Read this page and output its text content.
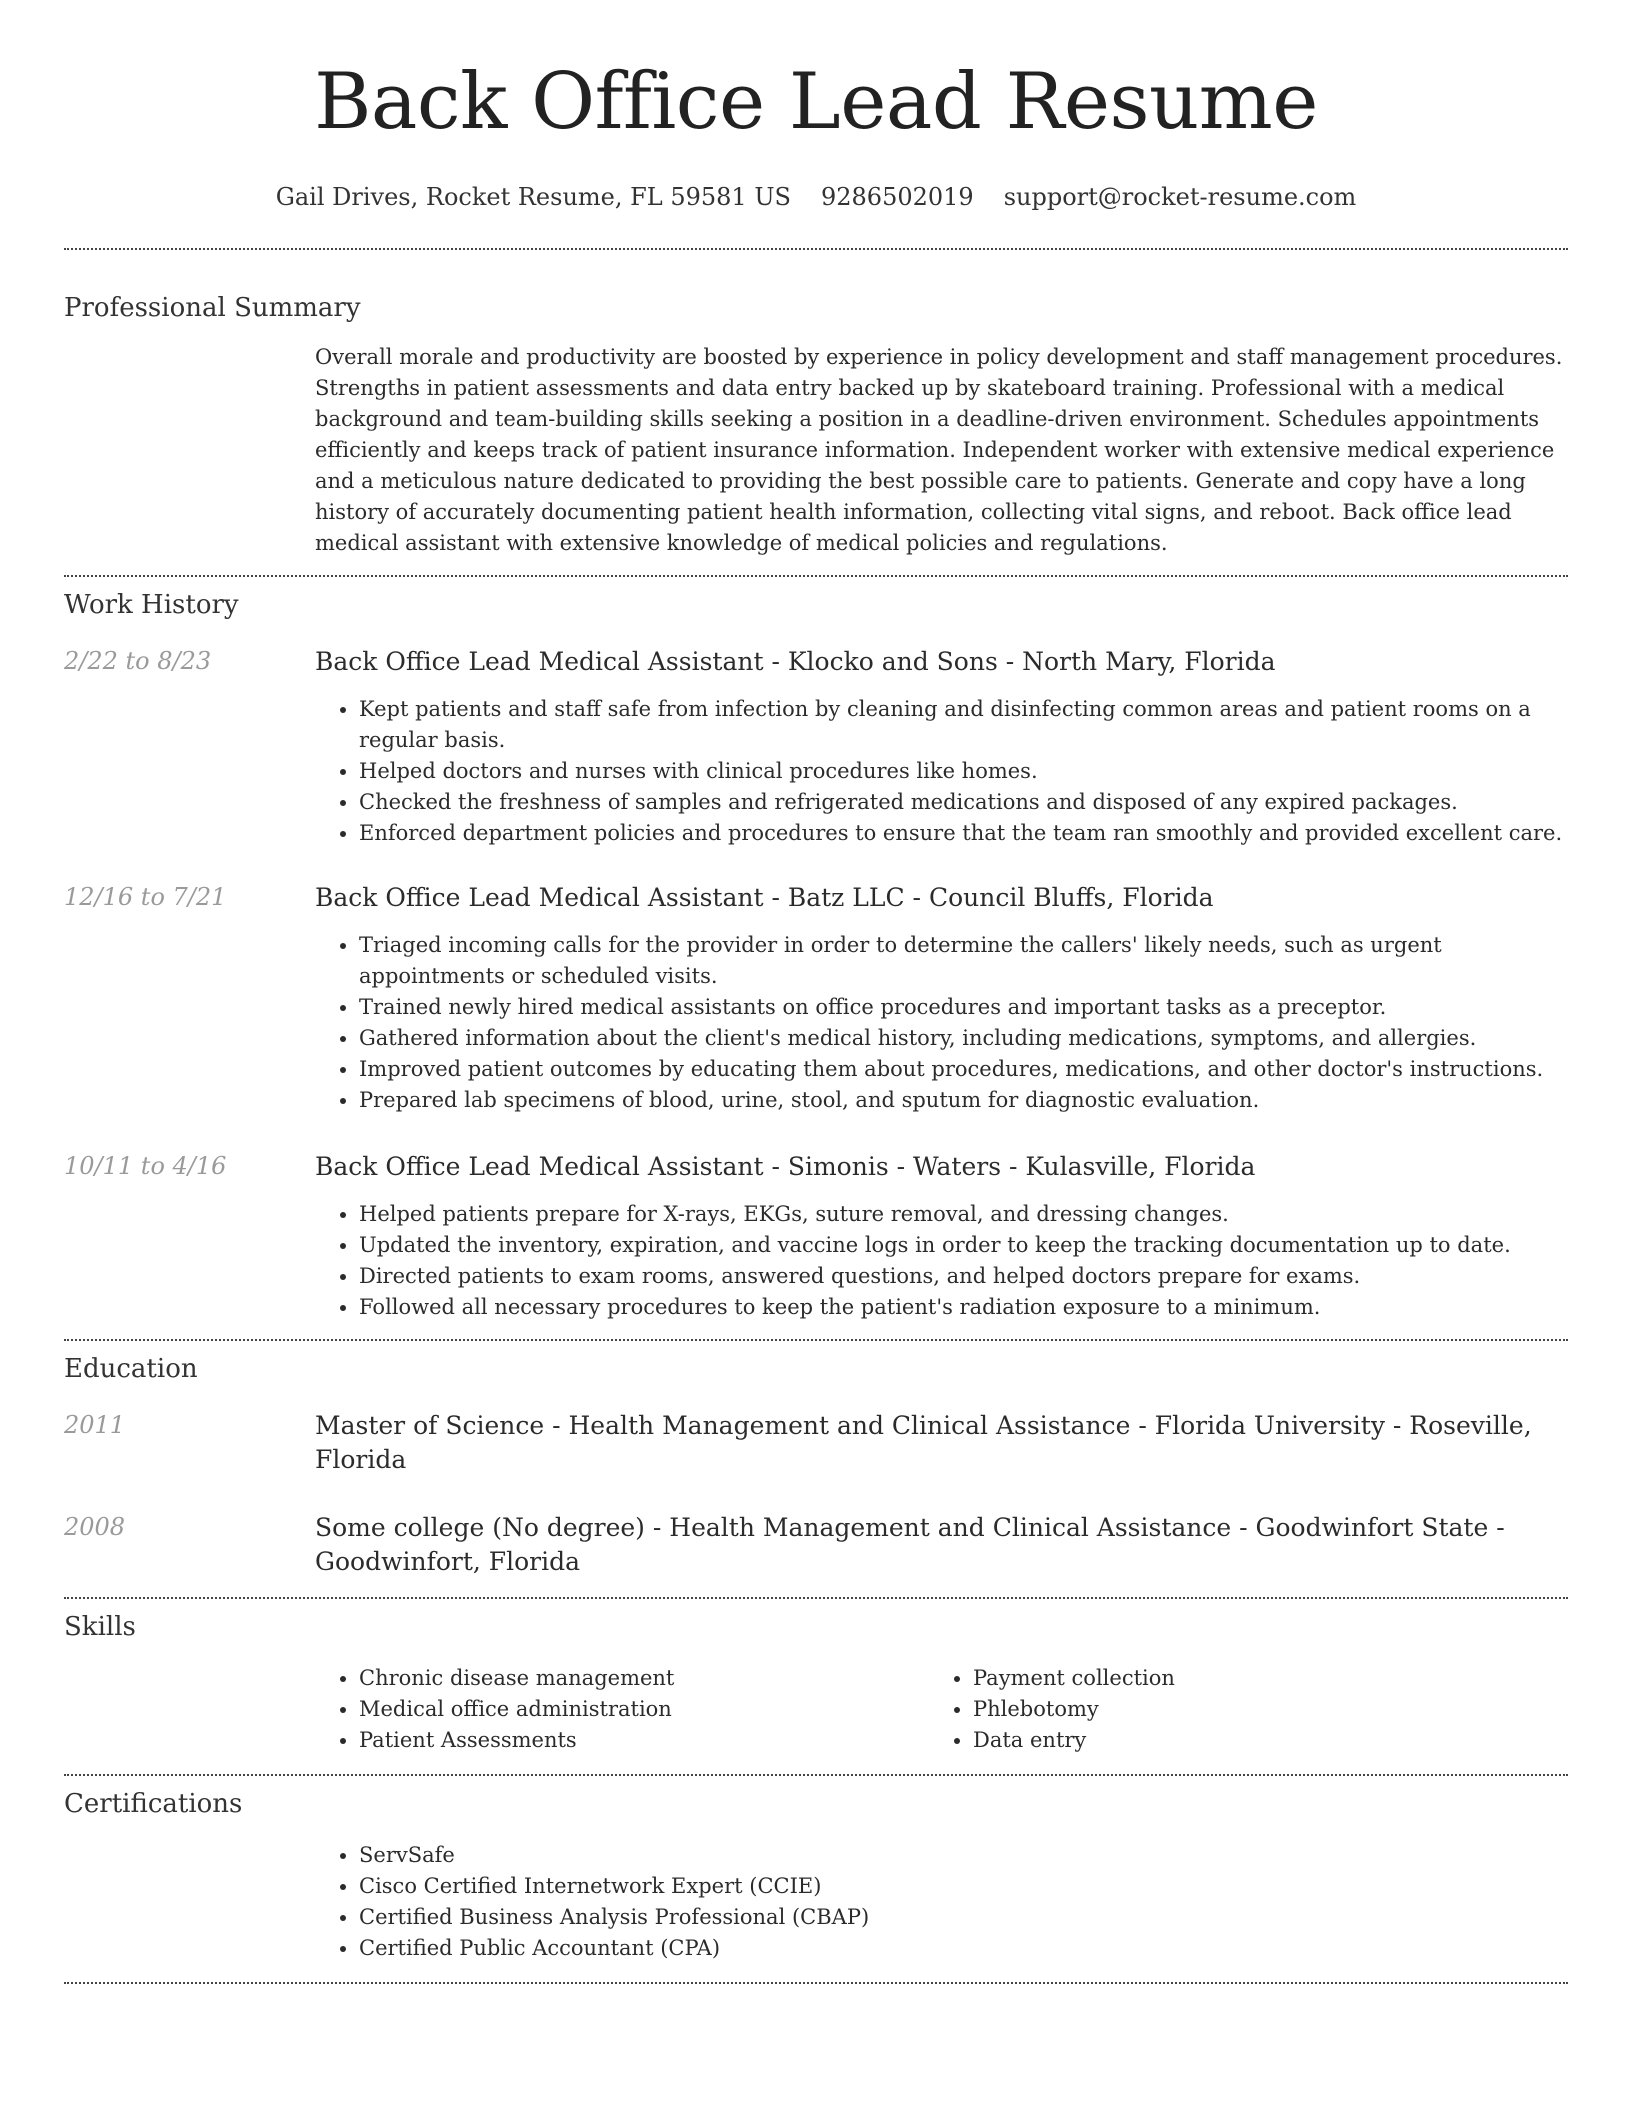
Back Office Lead Resume
Gail Drives, Rocket Resume, FL 59581 US 9286502019 support@rocket-resume.com
Professional Summary
Overall morale and productivity are boosted by experience in policy development and staff management procedures. Strengths in patient assessments and data entry backed up by skateboard training. Professional with a medical background and team-building skills seeking a position in a deadline-driven environment. Schedules appointments efficiently and keeps track of patient insurance information. Independent worker with extensive medical experience and a meticulous nature dedicated to providing the best possible care to patients. Generate and copy have a long history of accurately documenting patient health information, collecting vital signs, and reboot. Back office lead medical assistant with extensive knowledge of medical policies and regulations.
Work History
2/22 to 8/23	Back Office Lead Medical Assistant - Klocko and Sons - North Mary, Florida
• Kept patients and staff safe from infection by cleaning and disinfecting common areas and patient rooms on a regular basis.
• Helped doctors and nurses with clinical procedures like homes.
• Checked the freshness of samples and refrigerated medications and disposed of any expired packages.
• Enforced department policies and procedures to ensure that the team ran smoothly and provided excellent care.
12/16 to 7/21	Back Office Lead Medical Assistant - Batz LLC - Council Bluffs, Florida
• Triaged incoming calls for the provider in order to determine the callers' likely needs, such as urgent appointments or scheduled visits.
• Trained newly hired medical assistants on office procedures and important tasks as a preceptor.
• Gathered information about the client's medical history, including medications, symptoms, and allergies.
• Improved patient outcomes by educating them about procedures, medications, and other doctor's instructions.
• Prepared lab specimens of blood, urine, stool, and sputum for diagnostic evaluation.
10/11 to 4/16	Back Office Lead Medical Assistant - Simonis - Waters - Kulasville, Florida
• Helped patients prepare for X-rays, EKGs, suture removal, and dressing changes.
• Updated the inventory, expiration, and vaccine logs in order to keep the tracking documentation up to date.
• Directed patients to exam rooms, answered questions, and helped doctors prepare for exams.
• Followed all necessary procedures to keep the patient's radiation exposure to a minimum.
Education
2011	Master of Science - Health Management and Clinical Assistance - Florida University - Roseville, Florida
2008	Some college (No degree) - Health Management and Clinical Assistance - Goodwinfort State - Goodwinfort, Florida
Skills
• Chronic disease management
• Medical office administration
• Patient Assessments
• Payment collection
• Phlebotomy
• Data entry
Certifications
• ServSafe
• Cisco Certified Internetwork Expert (CCIE)
• Certified Business Analysis Professional (CBAP)
• Certified Public Accountant (CPA)
